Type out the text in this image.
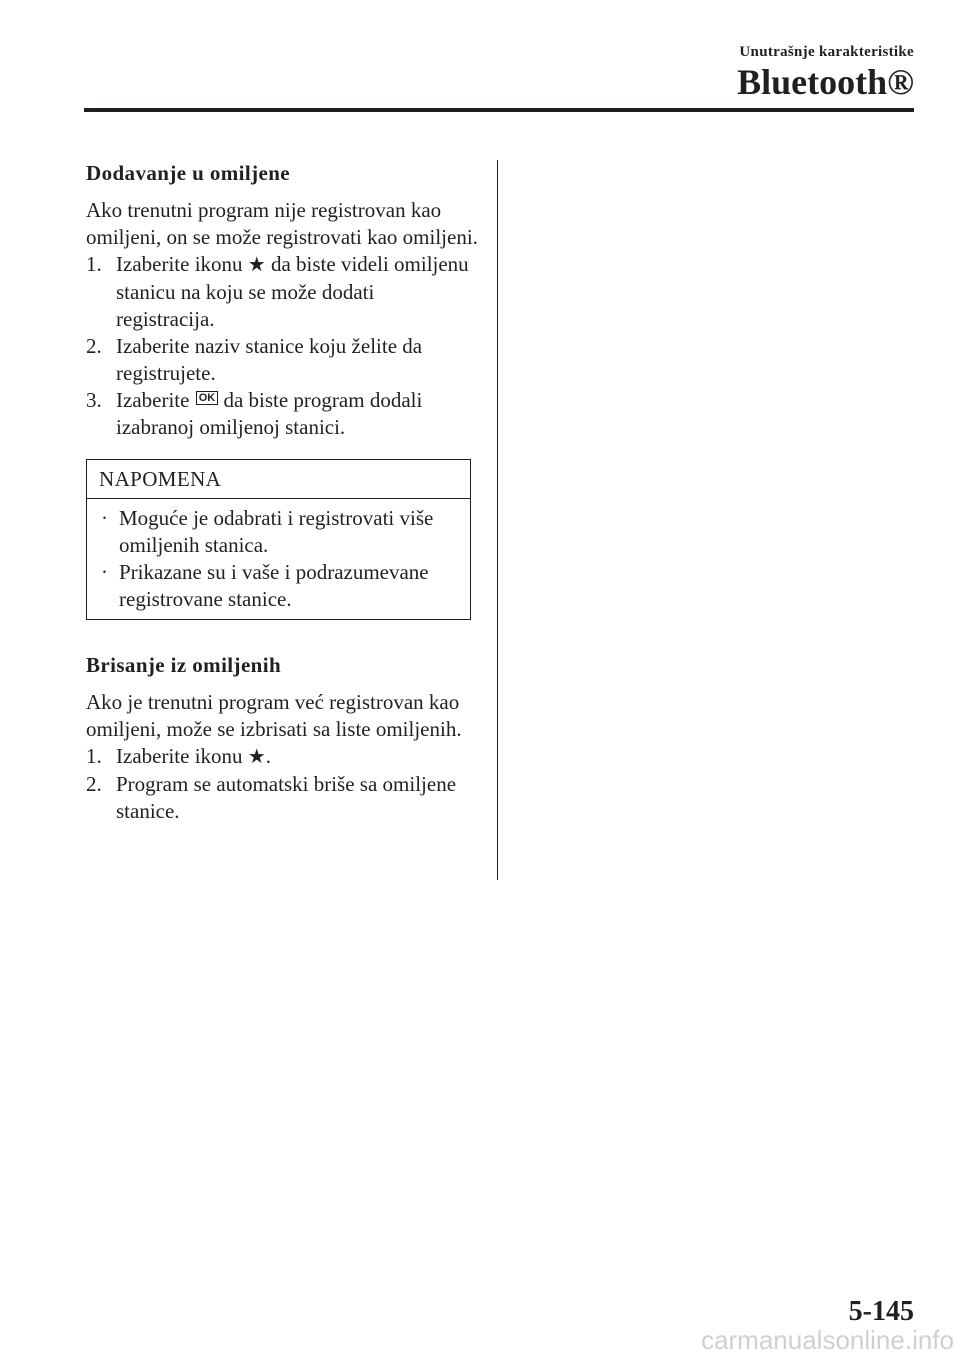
Unutrašnje karakteristike
Bluetooth®
Dodavanje u omiljene

Ako trenutni program nije registrovan kao omiljeni, on se može registrovati kao omiljeni.

1. Izaberite ikonu ★ da biste videli omiljenu stanicu na koju se može dodati registracija.
2. Izaberite naziv stanice koju želite da registrujete.
3. Izaberite OK da biste program dodali izabranoj omiljenoj stanici.
NAPOMENA
· Moguće je odabrati i registrovati više omiljenih stanica.
· Prikazane su i vaše i podrazumevane registrovane stanice.
Brisanje iz omiljenih

Ako je trenutni program već registrovan kao omiljeni, može se izbrisati sa liste omiljenih.

1. Izaberite ikonu ★.
2. Program se automatski briše sa omiljene stanice.
5-145
carmanualsonline.info
